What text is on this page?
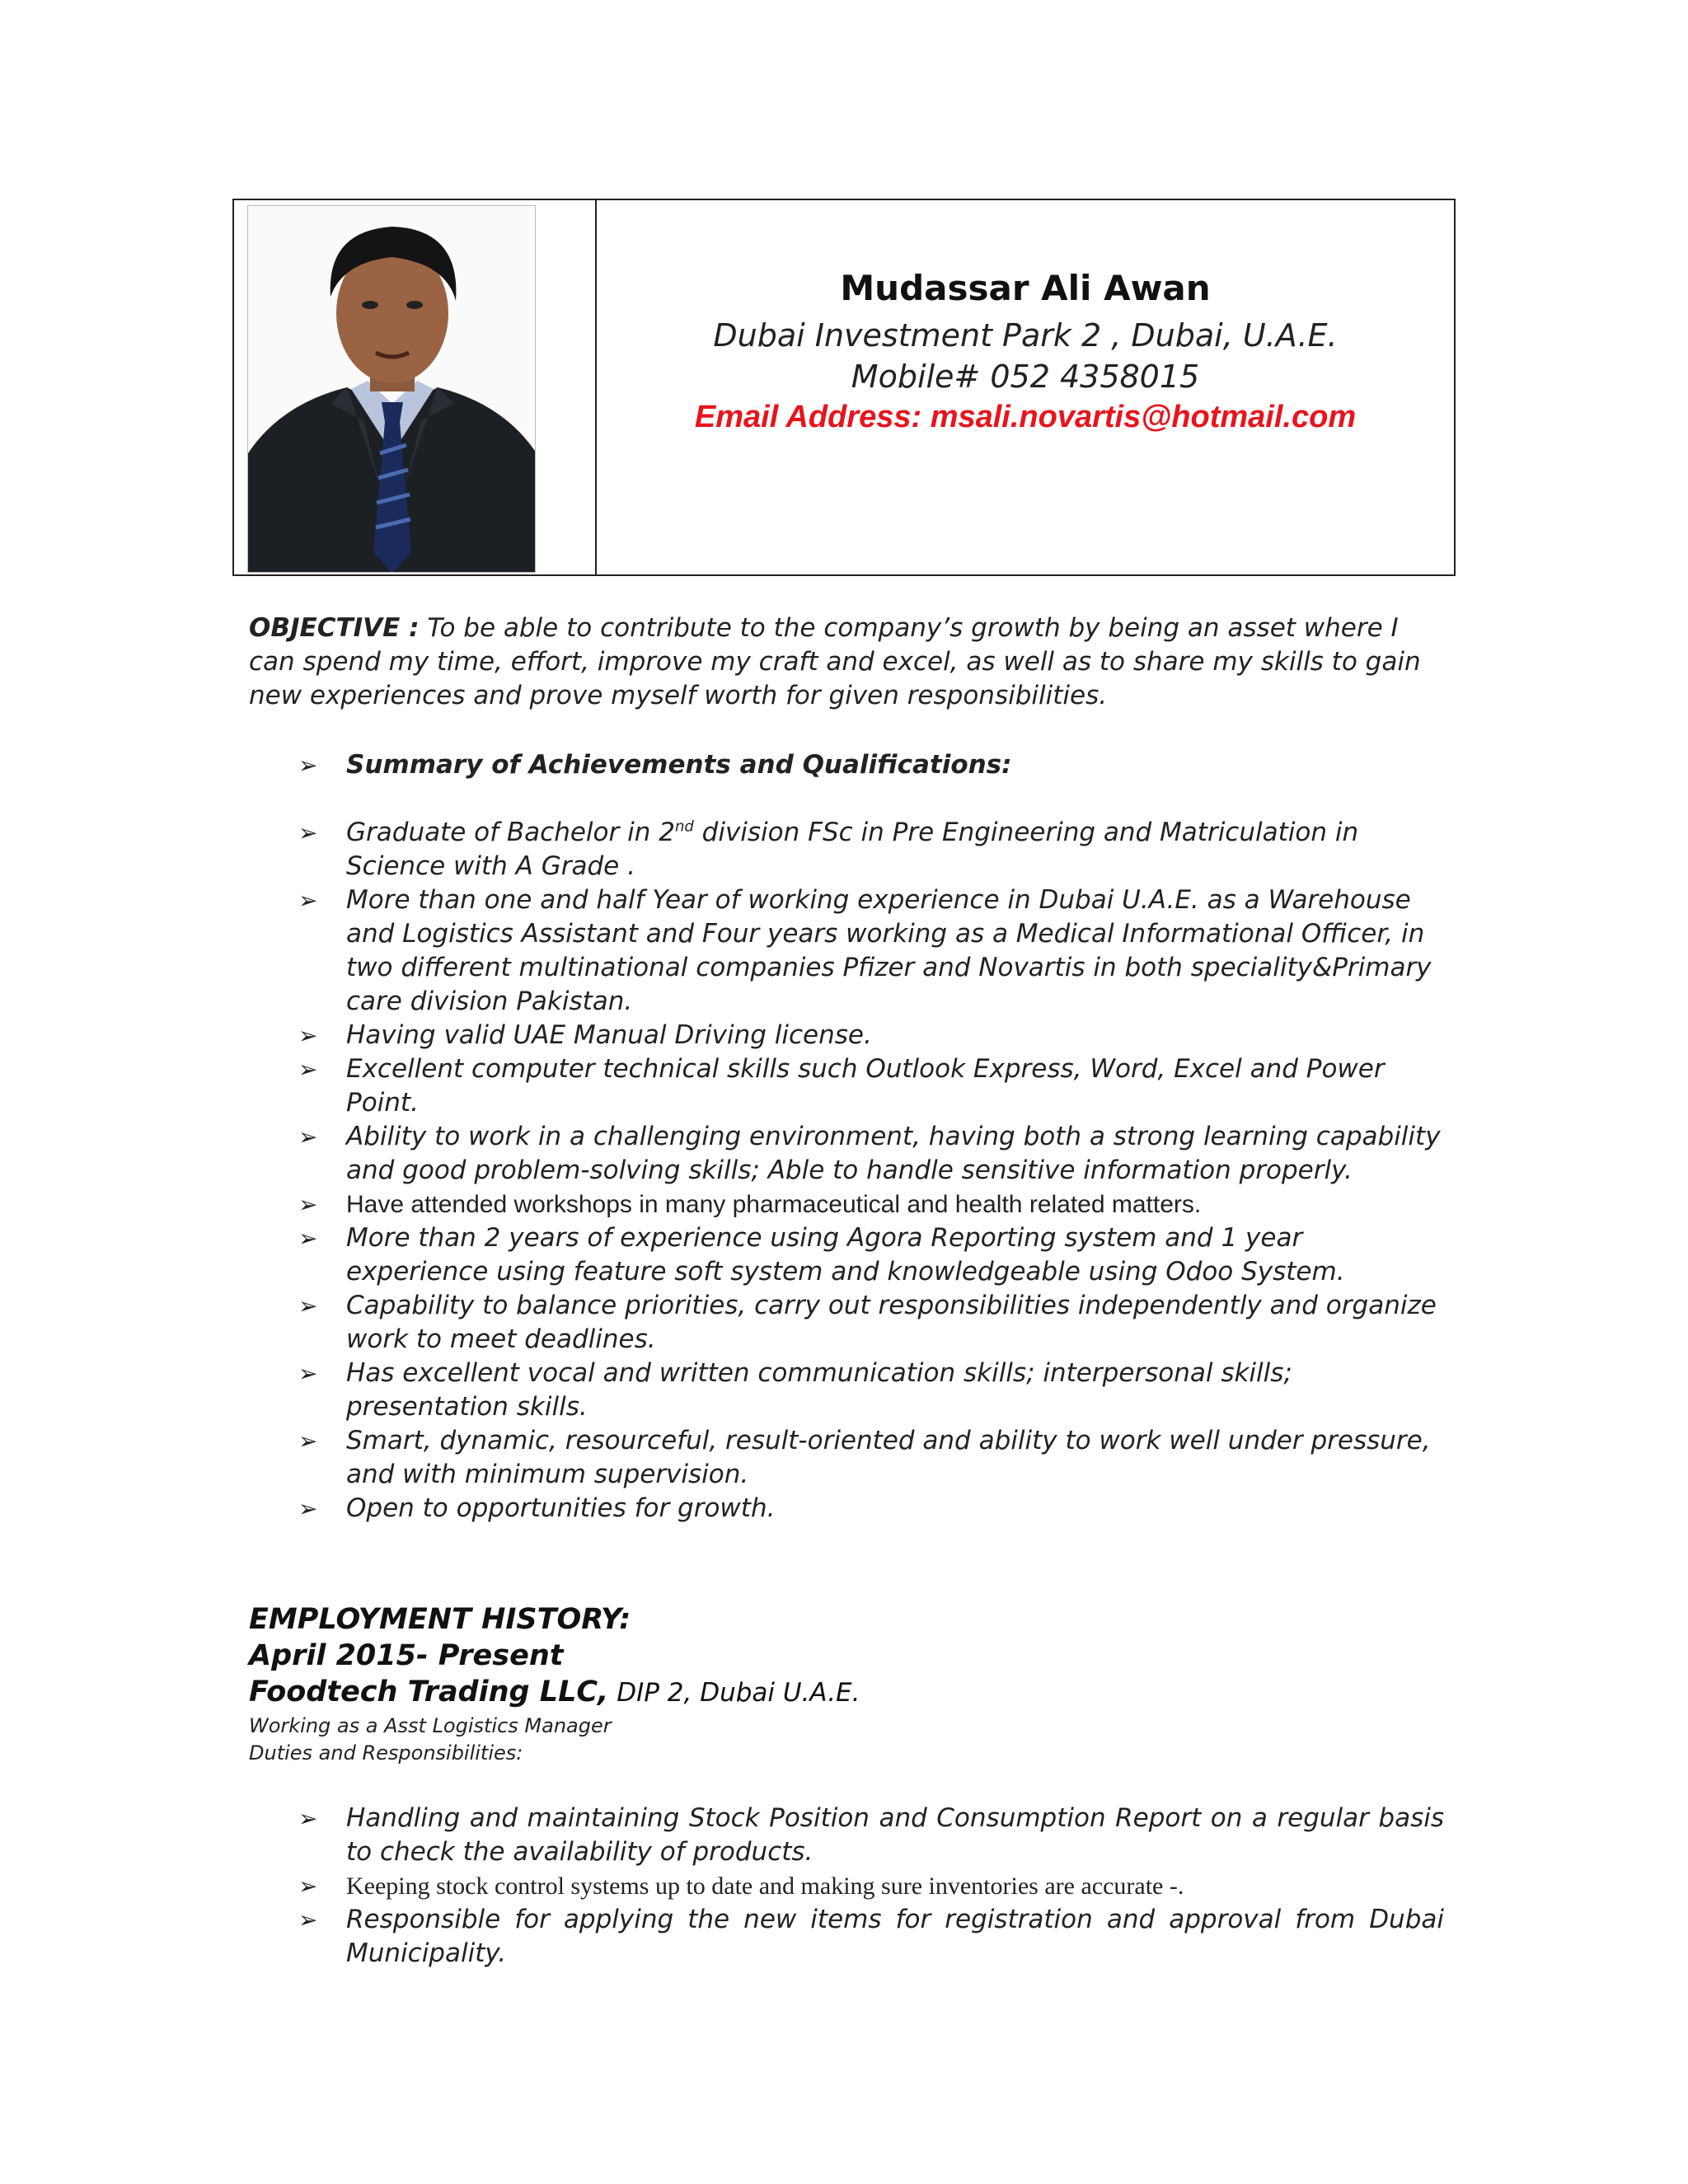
Mudassar Ali Awan
Dubai Investment Park 2 , Dubai, U.A.E.
Mobile# 052 4358015
Email Address: msali.novartis@hotmail.com
OBJECTIVE : To be able to contribute to the company’s growth by being an asset where I can spend my time, effort, improve my craft and excel, as well as to share my skills to gain new experiences and prove myself worth for given responsibilities.
➢ Summary of Achievements and Qualifications:
➢ Graduate of Bachelor in 2nd division FSc in Pre Engineering and Matriculation in Science with A Grade .
➢ More than one and half Year of working experience in Dubai U.A.E. as a Warehouse and Logistics Assistant and Four years working as a Medical Informational Officer, in two different multinational companies Pfizer and Novartis in both speciality&Primary care division Pakistan.
➢ Having valid UAE Manual Driving license.
➢ Excellent computer technical skills such Outlook Express, Word, Excel and Power Point.
➢ Ability to work in a challenging environment, having both a strong learning capability and good problem-solving skills; Able to handle sensitive information properly.
➢ Have attended workshops in many pharmaceutical and health related matters.
➢ More than 2 years of experience using Agora Reporting system and 1 year experience using feature soft system and knowledgeable using Odoo System.
➢ Capability to balance priorities, carry out responsibilities independently and organize work to meet deadlines.
➢ Has excellent vocal and written communication skills; interpersonal skills; presentation skills.
➢ Smart, dynamic, resourceful, result-oriented and ability to work well under pressure, and with minimum supervision.
➢ Open to opportunities for growth.
EMPLOYMENT HISTORY:
April 2015- Present
Foodtech Trading LLC, DIP 2, Dubai U.A.E.
Working as a Asst Logistics Manager
Duties and Responsibilities:
➢ Handling and maintaining Stock Position and Consumption Report on a regular basis to check the availability of products.
➢ Keeping stock control systems up to date and making sure inventories are accurate -.
➢ Responsible for applying the new items for registration and approval from Dubai Municipality.
